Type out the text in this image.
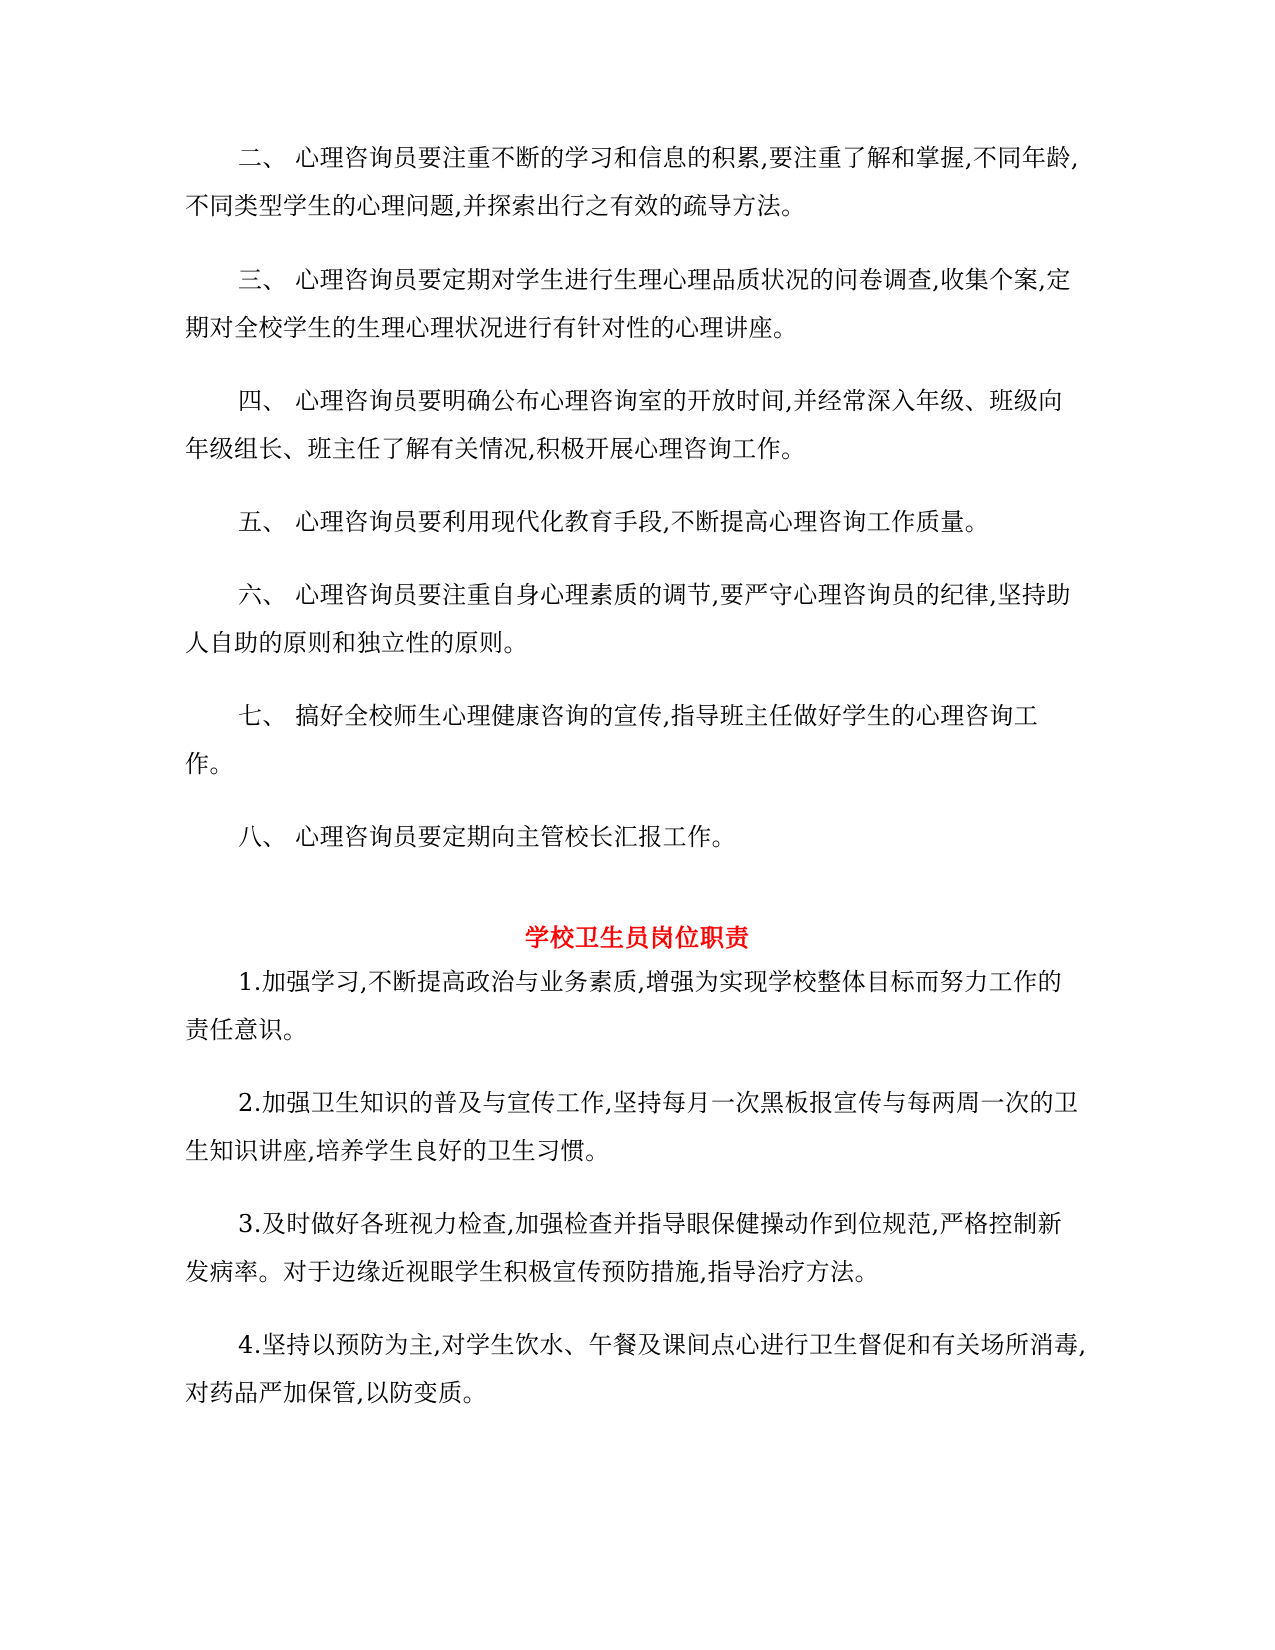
二、 心理咨询员要注重不断的学习和信息的积累,要注重了解和掌握,不同年龄,
不同类型学生的心理问题,并探索出行之有效的疏导方法。

三、 心理咨询员要定期对学生进行生理心理品质状况的问卷调查,收集个案,定
期对全校学生的生理心理状况进行有针对性的心理讲座。

四、 心理咨询员要明确公布心理咨询室的开放时间,并经常深入年级、班级向
年级组长、班主任了解有关情况,积极开展心理咨询工作。

五、 心理咨询员要利用现代化教育手段,不断提高心理咨询工作质量。

六、 心理咨询员要注重自身心理素质的调节,要严守心理咨询员的纪律,坚持助
人自助的原则和独立性的原则。

七、 搞好全校师生心理健康咨询的宣传,指导班主任做好学生的心理咨询工
作。

八、 心理咨询员要定期向主管校长汇报工作。

学校卫生员岗位职责

1.加强学习,不断提高政治与业务素质,增强为实现学校整体目标而努力工作的
责任意识。

2.加强卫生知识的普及与宣传工作,坚持每月一次黑板报宣传与每两周一次的卫
生知识讲座,培养学生良好的卫生习惯。

3.及时做好各班视力检查,加强检查并指导眼保健操动作到位规范,严格控制新
发病率。对于边缘近视眼学生积极宣传预防措施,指导治疗方法。

4.坚持以预防为主,对学生饮水、午餐及课间点心进行卫生督促和有关场所消毒,
对药品严加保管,以防变质。
